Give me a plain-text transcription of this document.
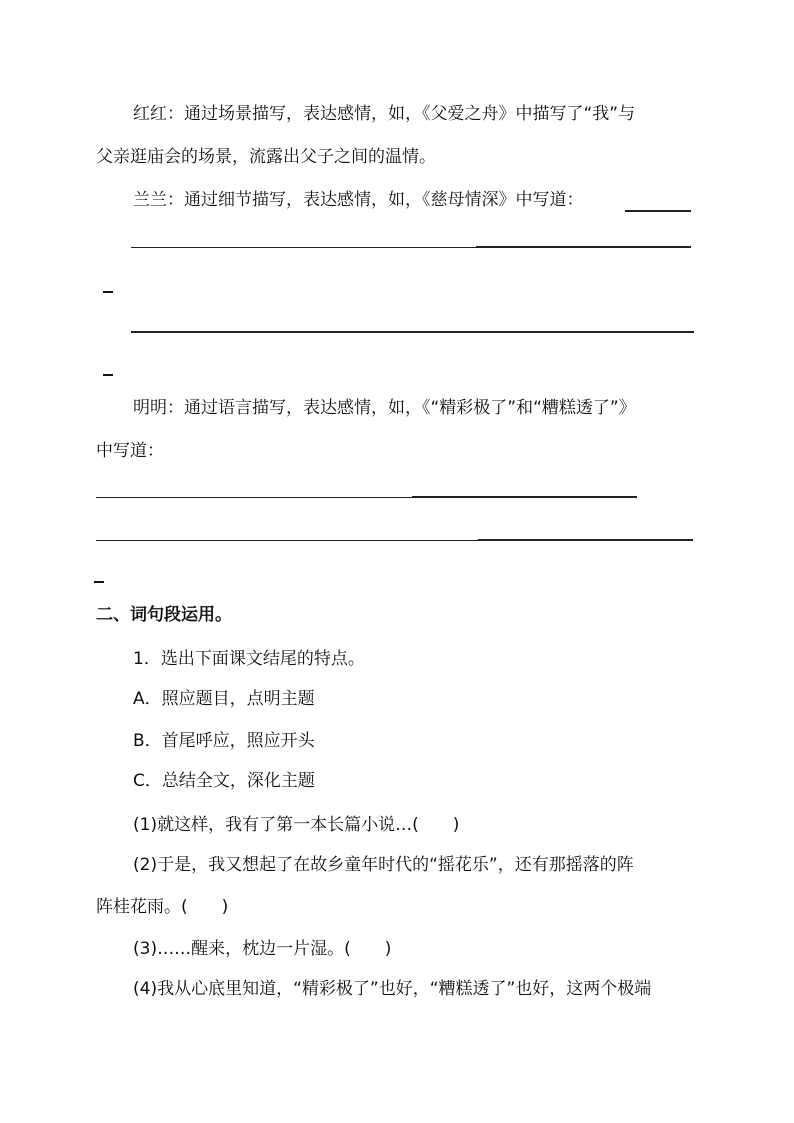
红红：通过场景描写，表达感情，如，《父爱之舟》中描写了“我”与
父亲逛庙会的场景，流露出父子之间的温情。
兰兰：通过细节描写，表达感情，如，《慈母情深》中写道：
明明：通过语言描写，表达感情，如，《“精彩极了”和“糟糕透了”》
中写道：
二、词句段运用。
1．选出下面课文结尾的特点。
A．照应题目，点明主题
B．首尾呼应，照应开头
C．总结全文，深化主题
(1)就这样，我有了第一本长篇小说…(　　)
(2)于是，我又想起了在故乡童年时代的“摇花乐”，还有那摇落的阵
阵桂花雨。(　　)
(3)……醒来，枕边一片湿。(　　)
(4)我从心底里知道，“精彩极了”也好，“糟糕透了”也好，这两个极端
